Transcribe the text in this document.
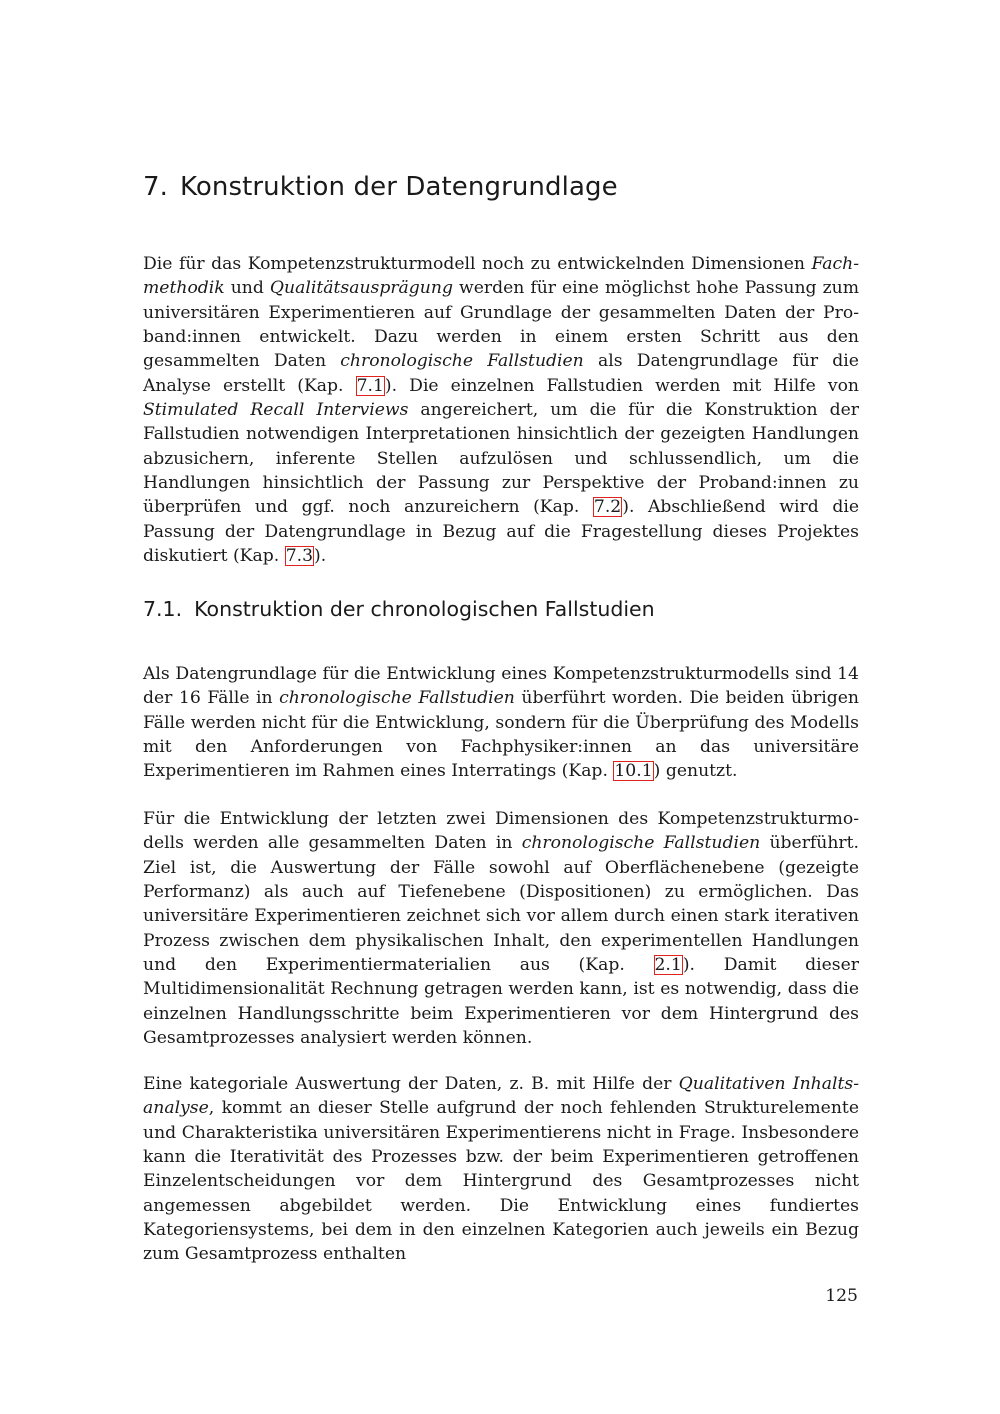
7. Konstruktion der Datengrundlage

Die für das Kompetenzstrukturmodell noch zu entwickelnden Dimensionen Fachmethodik und Qualitätsausprägung werden für eine möglichst hohe Passung zum universitären Experimentieren auf Grundlage der gesammelten Daten der Proband:innen entwickelt. Dazu werden in einem ersten Schritt aus den gesammelten Daten chronologische Fallstudien als Datengrundlage für die Analyse erstellt (Kap. 7.1). Die einzelnen Fallstudien werden mit Hilfe von Stimulated Recall Interviews angereichert, um die für die Konstruktion der Fallstudien notwendigen Interpretationen hinsichtlich der gezeigten Handlungen abzusichern, inferente Stellen aufzulösen und schlussendlich, um die Handlungen hinsichtlich der Passung zur Perspektive der Proband:innen zu überprüfen und ggf. noch anzureichern (Kap. 7.2). Abschließend wird die Passung der Datengrundlage in Bezug auf die Fragestellung dieses Projektes diskutiert (Kap. 7.3).

7.1. Konstruktion der chronologischen Fallstudien

Als Datengrundlage für die Entwicklung eines Kompetenzstrukturmodells sind 14 der 16 Fälle in chronologische Fallstudien überführt worden. Die beiden übrigen Fälle werden nicht für die Entwicklung, sondern für die Überprüfung des Modells mit den Anforderungen von Fachphysiker:innen an das universitäre Experimentieren im Rahmen eines Interratings (Kap. 10.1) genutzt.

Für die Entwicklung der letzten zwei Dimensionen des Kompetenzstrukturmodells werden alle gesammelten Daten in chronologische Fallstudien überführt. Ziel ist, die Auswertung der Fälle sowohl auf Oberflächenebene (gezeigte Performanz) als auch auf Tiefenebene (Dispositionen) zu ermöglichen. Das universitäre Experimentieren zeichnet sich vor allem durch einen stark iterativen Prozess zwischen dem physikalischen Inhalt, den experimentellen Handlungen und den Experimentiermaterialien aus (Kap. 2.1). Damit dieser Multidimensionalität Rechnung getragen werden kann, ist es notwendig, dass die einzelnen Handlungsschritte beim Experimentieren vor dem Hintergrund des Gesamtprozesses analysiert werden können.

Eine kategoriale Auswertung der Daten, z. B. mit Hilfe der Qualitativen Inhaltsanalyse, kommt an dieser Stelle aufgrund der noch fehlenden Strukturelemente und Charakteristika universitären Experimentierens nicht in Frage. Insbesondere kann die Iterativität des Prozesses bzw. der beim Experimentieren getroffenen Einzelentscheidungen vor dem Hintergrund des Gesamtprozesses nicht angemessen abgebildet werden. Die Entwicklung eines fundiertes Kategoriensystems, bei dem in den einzelnen Kategorien auch jeweils ein Bezug zum Gesamtprozess enthalten

125
